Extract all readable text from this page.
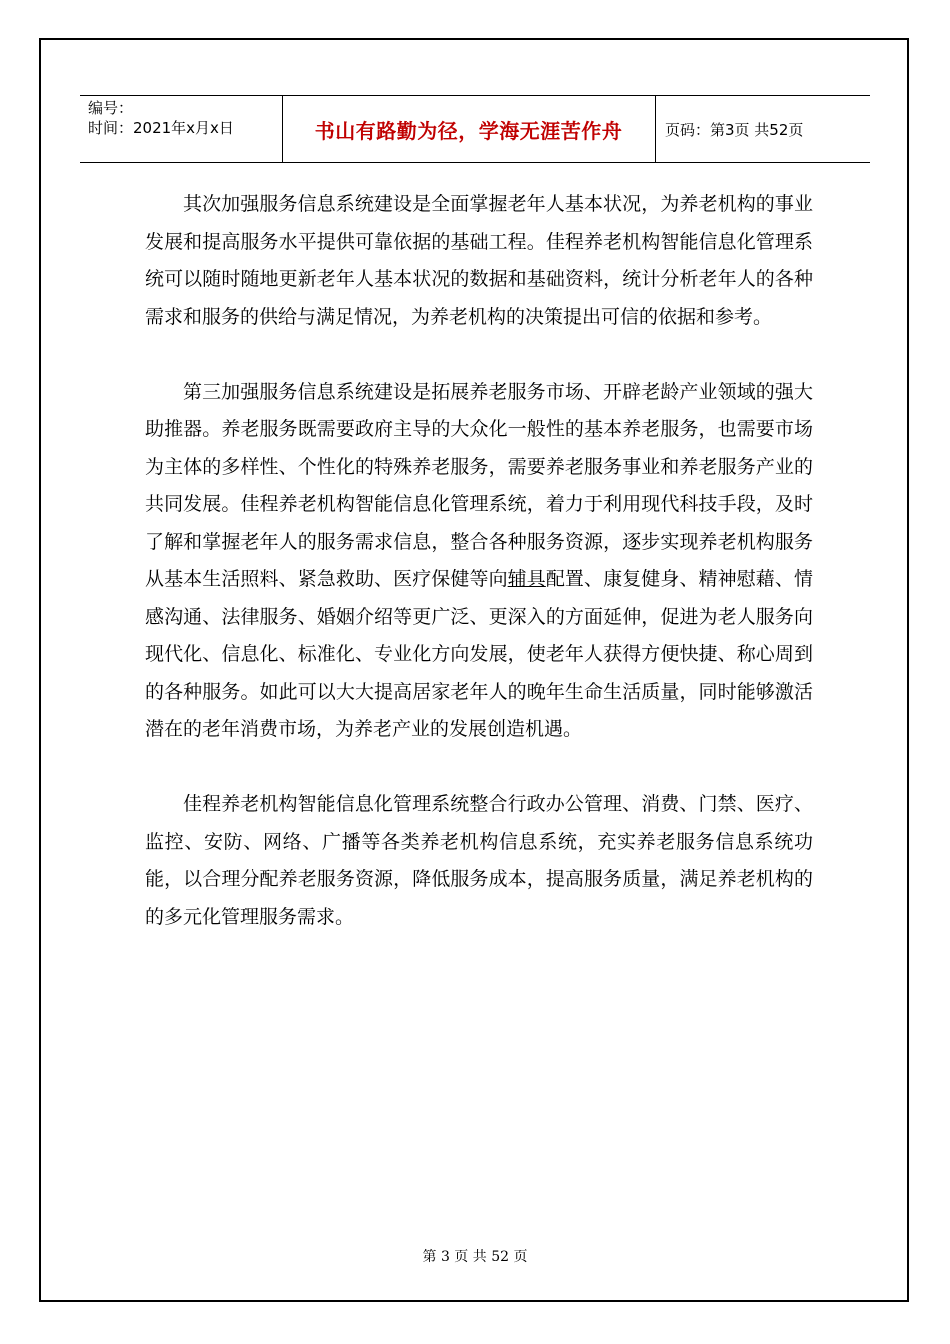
编号：
时间：2021年x月x日	书山有路勤为径，学海无涯苦作舟	页码：第3页 共52页

其次加强服务信息系统建设是全面掌握老年人基本状况，为养老机构的事业发展和提高服务水平提供可靠依据的基础工程。佳程养老机构智能信息化管理系统可以随时随地更新老年人基本状况的数据和基础资料，统计分析老年人的各种需求和服务的供给与满足情况，为养老机构的决策提出可信的依据和参考。

第三加强服务信息系统建设是拓展养老服务市场、开辟老龄产业领域的强大助推器。养老服务既需要政府主导的大众化一般性的基本养老服务，也需要市场为主体的多样性、个性化的特殊养老服务，需要养老服务事业和养老服务产业的共同发展。佳程养老机构智能信息化管理系统，着力于利用现代科技手段，及时了解和掌握老年人的服务需求信息，整合各种服务资源，逐步实现养老机构服务从基本生活照料、紧急救助、医疗保健等向辅具配置、康复健身、精神慰藉、情感沟通、法律服务、婚姻介绍等更广泛、更深入的方面延伸，促进为老人服务向现代化、信息化、标准化、专业化方向发展，使老年人获得方便快捷、称心周到的各种服务。如此可以大大提高居家老年人的晚年生命生活质量，同时能够激活潜在的老年消费市场，为养老产业的发展创造机遇。

佳程养老机构智能信息化管理系统整合行政办公管理、消费、门禁、医疗、监控、安防、网络、广播等各类养老机构信息系统，充实养老服务信息系统功能，以合理分配养老服务资源，降低服务成本，提高服务质量，满足养老机构的的多元化管理服务需求。

第 3 页 共 52 页
